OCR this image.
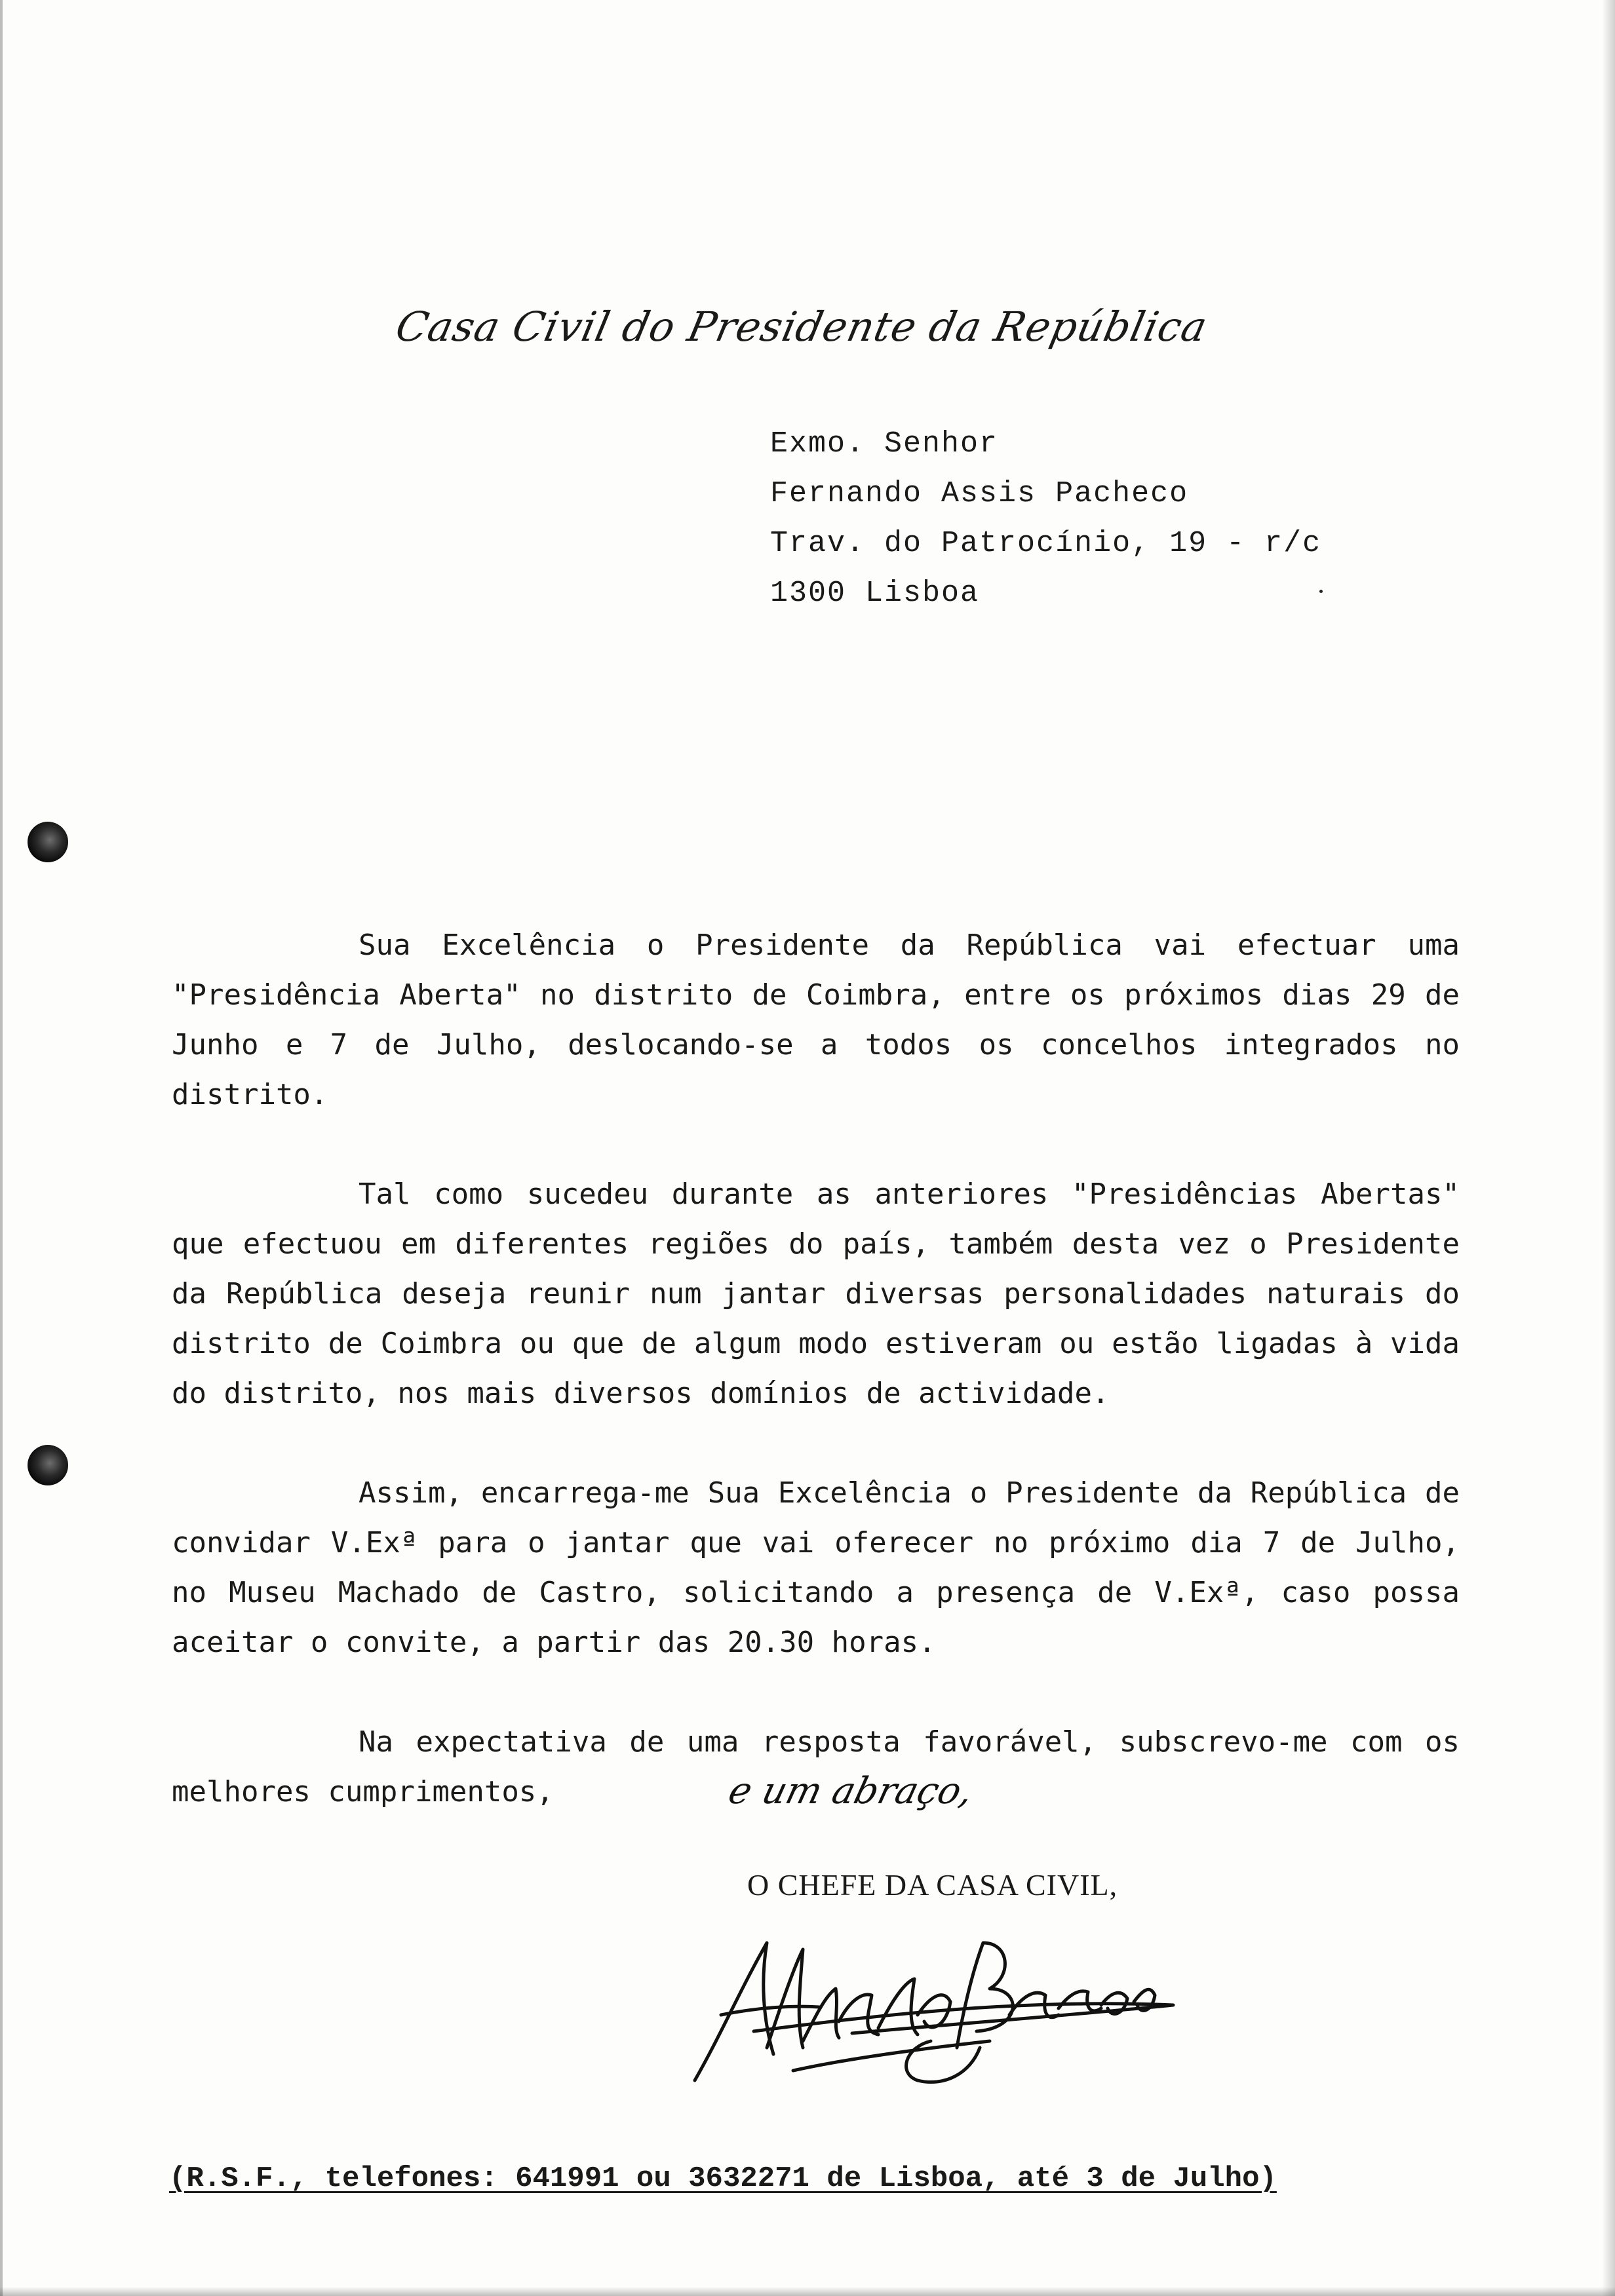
Casa Civil do Presidente da República
Exmo. Senhor
Fernando Assis Pacheco
Trav. do Patrocínio, 19 - r/c
1300 Lisboa

Sua Excelência o Presidente da República vai efectuar uma "Presidência Aberta" no distrito de Coimbra, entre os próximos dias 29 de Junho e 7 de Julho, deslocando-se a todos os concelhos integrados no distrito.

Tal como sucedeu durante as anteriores "Presidências Abertas" que efectuou em diferentes regiões do país, também desta vez o Presidente da República deseja reunir num jantar diversas personalidades naturais do distrito de Coimbra ou que de algum modo estiveram ou estão ligadas à vida do distrito, nos mais diversos domínios de actividade.

Assim, encarrega-me Sua Excelência o Presidente da República de convidar V.Exª para o jantar que vai oferecer no próximo dia 7 de Julho, no Museu Machado de Castro, solicitando a presença de V.Exª, caso possa aceitar o convite, a partir das 20.30 horas.

Na expectativa de uma resposta favorável, subscrevo-me com os melhores cumprimentos,	e um abraço,
O CHEFE DA CASA CIVIL,
(R.S.F., telefones: 641991 ou 3632271 de Lisboa, até 3 de Julho)
